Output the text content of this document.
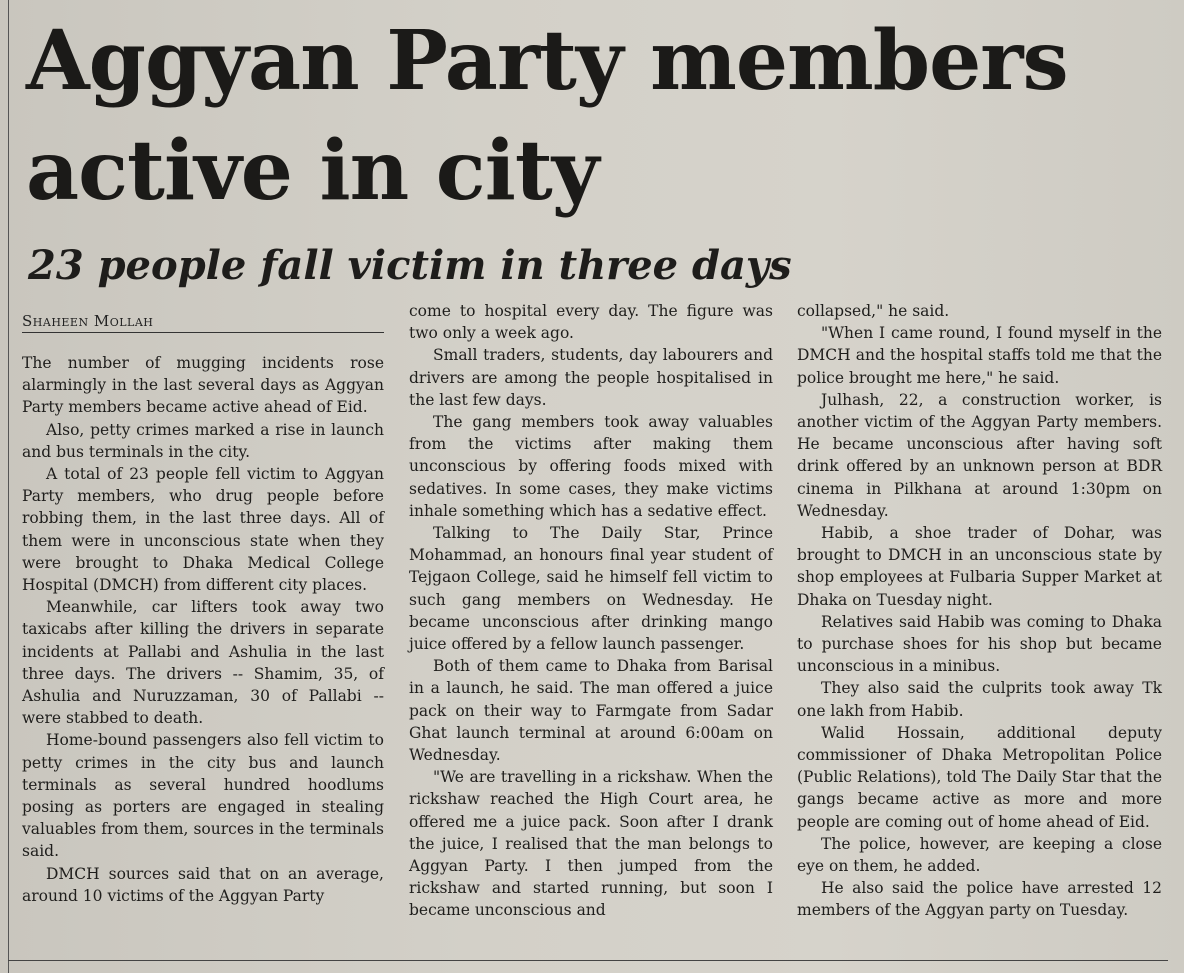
Aggyan Party members active in city
23 people fall victim in three days
Shaheen Mollah

The number of mugging incidents rose alarmingly in the last several days as Aggyan Party members became active ahead of Eid.

Also, petty crimes marked a rise in launch and bus terminals in the city.

A total of 23 people fell victim to Aggyan Party members, who drug people before robbing them, in the last three days. All of them were in unconscious state when they were brought to Dhaka Medical College Hospital (DMCH) from different city places.

Meanwhile, car lifters took away two taxicabs after killing the drivers in separate incidents at Pallabi and Ashulia in the last three days. The drivers -- Shamim, 35, of Ashulia and Nuruzzaman, 30 of Pallabi -- were stabbed to death.

Home-bound passengers also fell victim to petty crimes in the city bus and launch terminals as several hundred hoodlums posing as porters are engaged in stealing valuables from them, sources in the terminals said.

DMCH sources said that on an average, around 10 victims of the Aggyan Party

come to hospital every day. The figure was two only a week ago.

Small traders, students, day labourers and drivers are among the people hospitalised in the last few days.

The gang members took away valuables from the victims after making them unconscious by offering foods mixed with sedatives. In some cases, they make victims inhale something which has a sedative effect.

Talking to The Daily Star, Prince Mohammad, an honours final year student of Tejgaon College, said he himself fell victim to such gang members on Wednesday. He became unconscious after drinking mango juice offered by a fellow launch passenger.

Both of them came to Dhaka from Barisal in a launch, he said. The man offered a juice pack on their way to Farmgate from Sadar Ghat launch terminal at around 6:00am on Wednesday.

"We are travelling in a rickshaw. When the rickshaw reached the High Court area, he offered me a juice pack. Soon after I drank the juice, I realised that the man belongs to Aggyan Party. I then jumped from the rickshaw and started running, but soon I became unconscious and

collapsed," he said.

"When I came round, I found myself in the DMCH and the hospital staffs told me that the police brought me here," he said.

Julhash, 22, a construction worker, is another victim of the Aggyan Party members. He became unconscious after having soft drink offered by an unknown person at BDR cinema in Pilkhana at around 1:30pm on Wednesday.

Habib, a shoe trader of Dohar, was brought to DMCH in an unconscious state by shop employees at Fulbaria Supper Market at Dhaka on Tuesday night.

Relatives said Habib was coming to Dhaka to purchase shoes for his shop but became unconscious in a minibus.

They also said the culprits took away Tk one lakh from Habib.

Walid Hossain, additional deputy commissioner of Dhaka Metropolitan Police (Public Relations), told The Daily Star that the gangs became active as more and more people are coming out of home ahead of Eid.

The police, however, are keeping a close eye on them, he added.

He also said the police have arrested 12 members of the Aggyan party on Tuesday.
